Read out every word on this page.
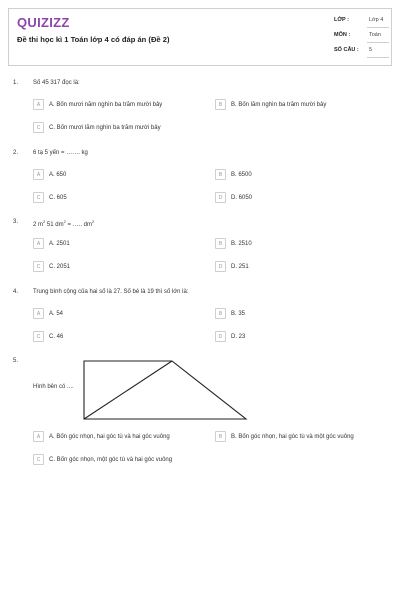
QUIZIZZ
Đề thi học kì 1 Toán lớp 4 có đáp án (Đề 2)
LỚP :	Lớp 4
MÔN :	Toán
SỐ CÂU : 5
1. Số 45 317 đọc là:
A	A. Bốn mươi năm nghìn ba trăm mười bảy	B	B. Bốn lăm nghìn ba trăm mười bảy
C	C. Bốn mươi lăm nghìn ba trăm mười bảy
2. 6 tạ 5 yến = ……. kg
A	A. 650	B	B. 6500
C	C. 605	D	D. 6050
3. 2 $m^2$ 51 $dm^2$ = ….. $dm^2$
A	A. 2501	B	B. 2510
C	C. 2051	D	D. 251
4. Trung bình cộng của hai số là 27. Số bé là 19 thì số lớn là:
A	A. 54	B	B. 35
C	C. 46	D	D. 23
5.
Hình bên có ....
A	A. Bốn góc nhọn, hai góc tù và hai góc vuông	B	B. Bốn góc nhọn, hai góc tù và một góc vuông
C	C. Bốn góc nhọn, một góc tù và hai góc vuông
